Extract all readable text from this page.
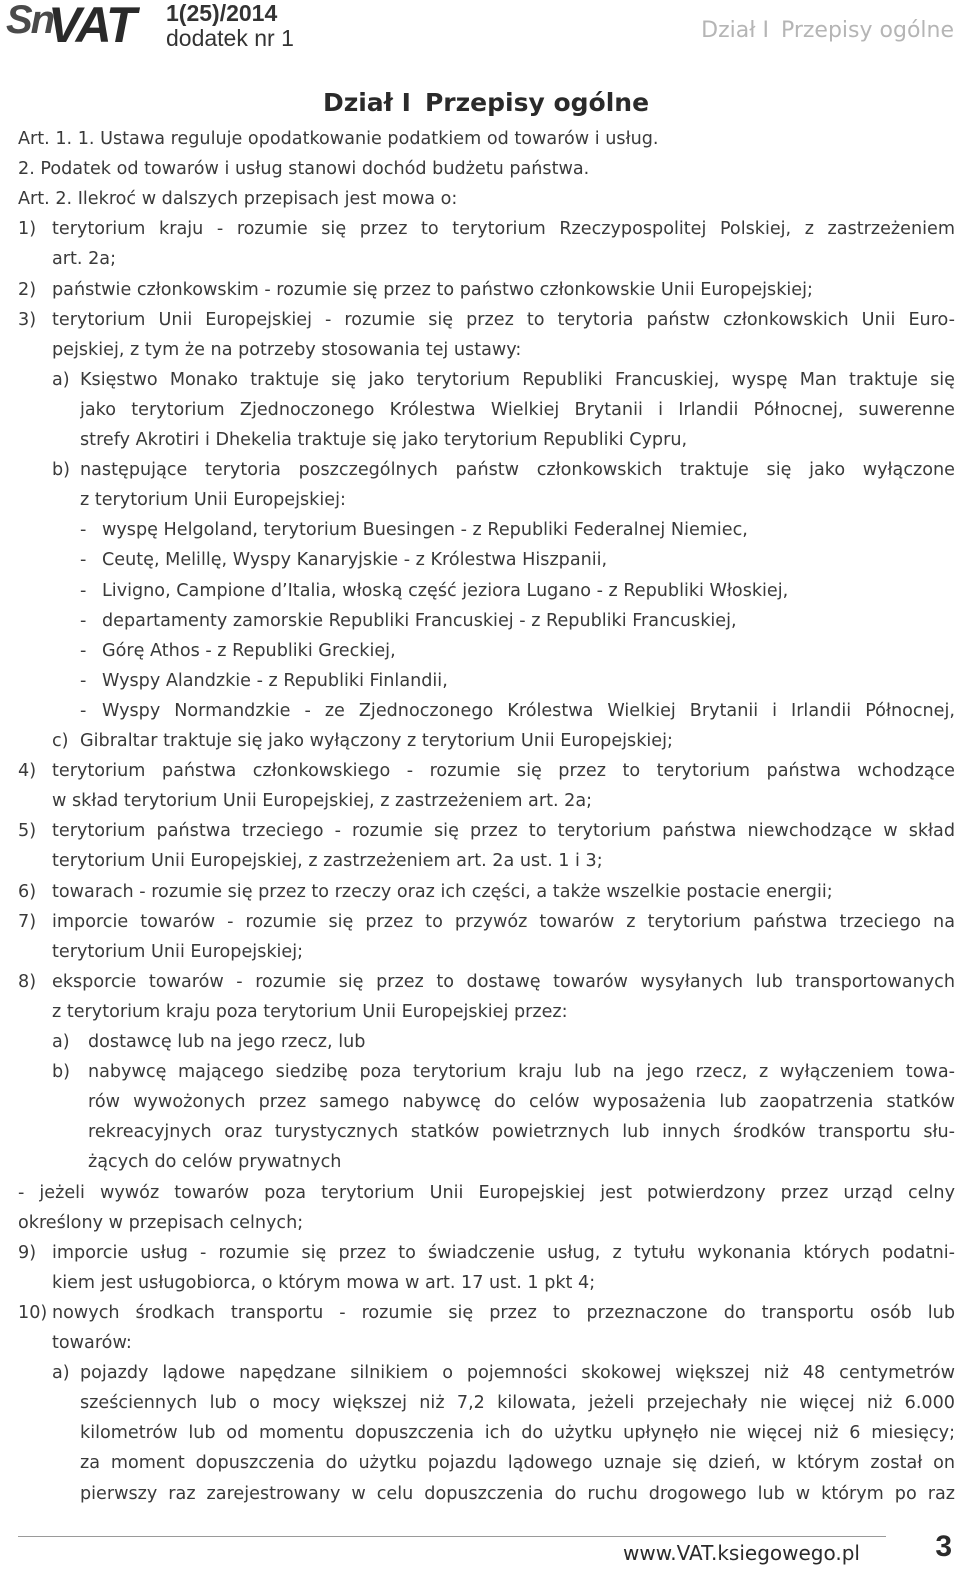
Sn
VAT 1(25)/2014
dodatek nr 1	Dział I Przepisy ogólne
Dział I Przepisy ogólne
Art. 1. 1. Ustawa reguluje opodatkowanie podatkiem od towarów i usług.
2. Podatek od towarów i usług stanowi dochód budżetu państwa.
Art. 2. Ilekroć w dalszych przepisach jest mowa o:
1) terytorium kraju - rozumie się przez to terytorium Rzeczypospolitej Polskiej, z zastrzeżeniem
art. 2a;
2) państwie członkowskim - rozumie się przez to państwo członkowskie Unii Europejskiej;
3) terytorium Unii Europejskiej - rozumie się przez to terytoria państw członkowskich Unii Euro-
pejskiej, z tym że na potrzeby stosowania tej ustawy:
a) Księstwo Monako traktuje się jako terytorium Republiki Francuskiej, wyspę Man traktuje się
jako terytorium Zjednoczonego Królestwa Wielkiej Brytanii i Irlandii Północnej, suwerenne
strefy Akrotiri i Dhekelia traktuje się jako terytorium Republiki Cypru,
b) następujące terytoria poszczególnych państw członkowskich traktuje się jako wyłączone
z terytorium Unii Europejskiej:
- wyspę Helgoland, terytorium Buesingen - z Republiki Federalnej Niemiec,
- Ceutę, Melillę, Wyspy Kanaryjskie - z Królestwa Hiszpanii,
- Livigno, Campione d’Italia, włoską część jeziora Lugano - z Republiki Włoskiej,
- departamenty zamorskie Republiki Francuskiej - z Republiki Francuskiej,
- Górę Athos - z Republiki Greckiej,
- Wyspy Alandzkie - z Republiki Finlandii,
- Wyspy Normandzkie - ze Zjednoczonego Królestwa Wielkiej Brytanii i Irlandii Północnej,
c) Gibraltar traktuje się jako wyłączony z terytorium Unii Europejskiej;
4) terytorium państwa członkowskiego - rozumie się przez to terytorium państwa wchodzące
w skład terytorium Unii Europejskiej, z zastrzeżeniem art. 2a;
5) terytorium państwa trzeciego - rozumie się przez to terytorium państwa niewchodzące w skład
terytorium Unii Europejskiej, z zastrzeżeniem art. 2a ust. 1 i 3;
6) towarach - rozumie się przez to rzeczy oraz ich części, a także wszelkie postacie energii;
7) imporcie towarów - rozumie się przez to przywóz towarów z terytorium państwa trzeciego na
terytorium Unii Europejskiej;
8) eksporcie towarów - rozumie się przez to dostawę towarów wysyłanych lub transportowanych
z terytorium kraju poza terytorium Unii Europejskiej przez:
a) dostawcę lub na jego rzecz, lub
b) nabywcę mającego siedzibę poza terytorium kraju lub na jego rzecz, z wyłączeniem towa-
rów wywożonych przez samego nabywcę do celów wyposażenia lub zaopatrzenia statków
rekreacyjnych oraz turystycznych statków powietrznych lub innych środków transportu słu-
żących do celów prywatnych
- jeżeli wywóz towarów poza terytorium Unii Europejskiej jest potwierdzony przez urząd celny
określony w przepisach celnych;
9) imporcie usług - rozumie się przez to świadczenie usług, z tytułu wykonania których podatni-
kiem jest usługobiorca, o którym mowa w art. 17 ust. 1 pkt 4;
10) nowych środkach transportu - rozumie się przez to przeznaczone do transportu osób lub
towarów:
a) pojazdy lądowe napędzane silnikiem o pojemności skokowej większej niż 48 centymetrów
sześciennych lub o mocy większej niż 7,2 kilowata, jeżeli przejechały nie więcej niż 6.000
kilometrów lub od momentu dopuszczenia ich do użytku upłynęło nie więcej niż 6 miesięcy;
za moment dopuszczenia do użytku pojazdu lądowego uznaje się dzień, w którym został on
pierwszy raz zarejestrowany w celu dopuszczenia do ruchu drogowego lub w którym po raz
www.VAT.ksiegowego.pl	3
